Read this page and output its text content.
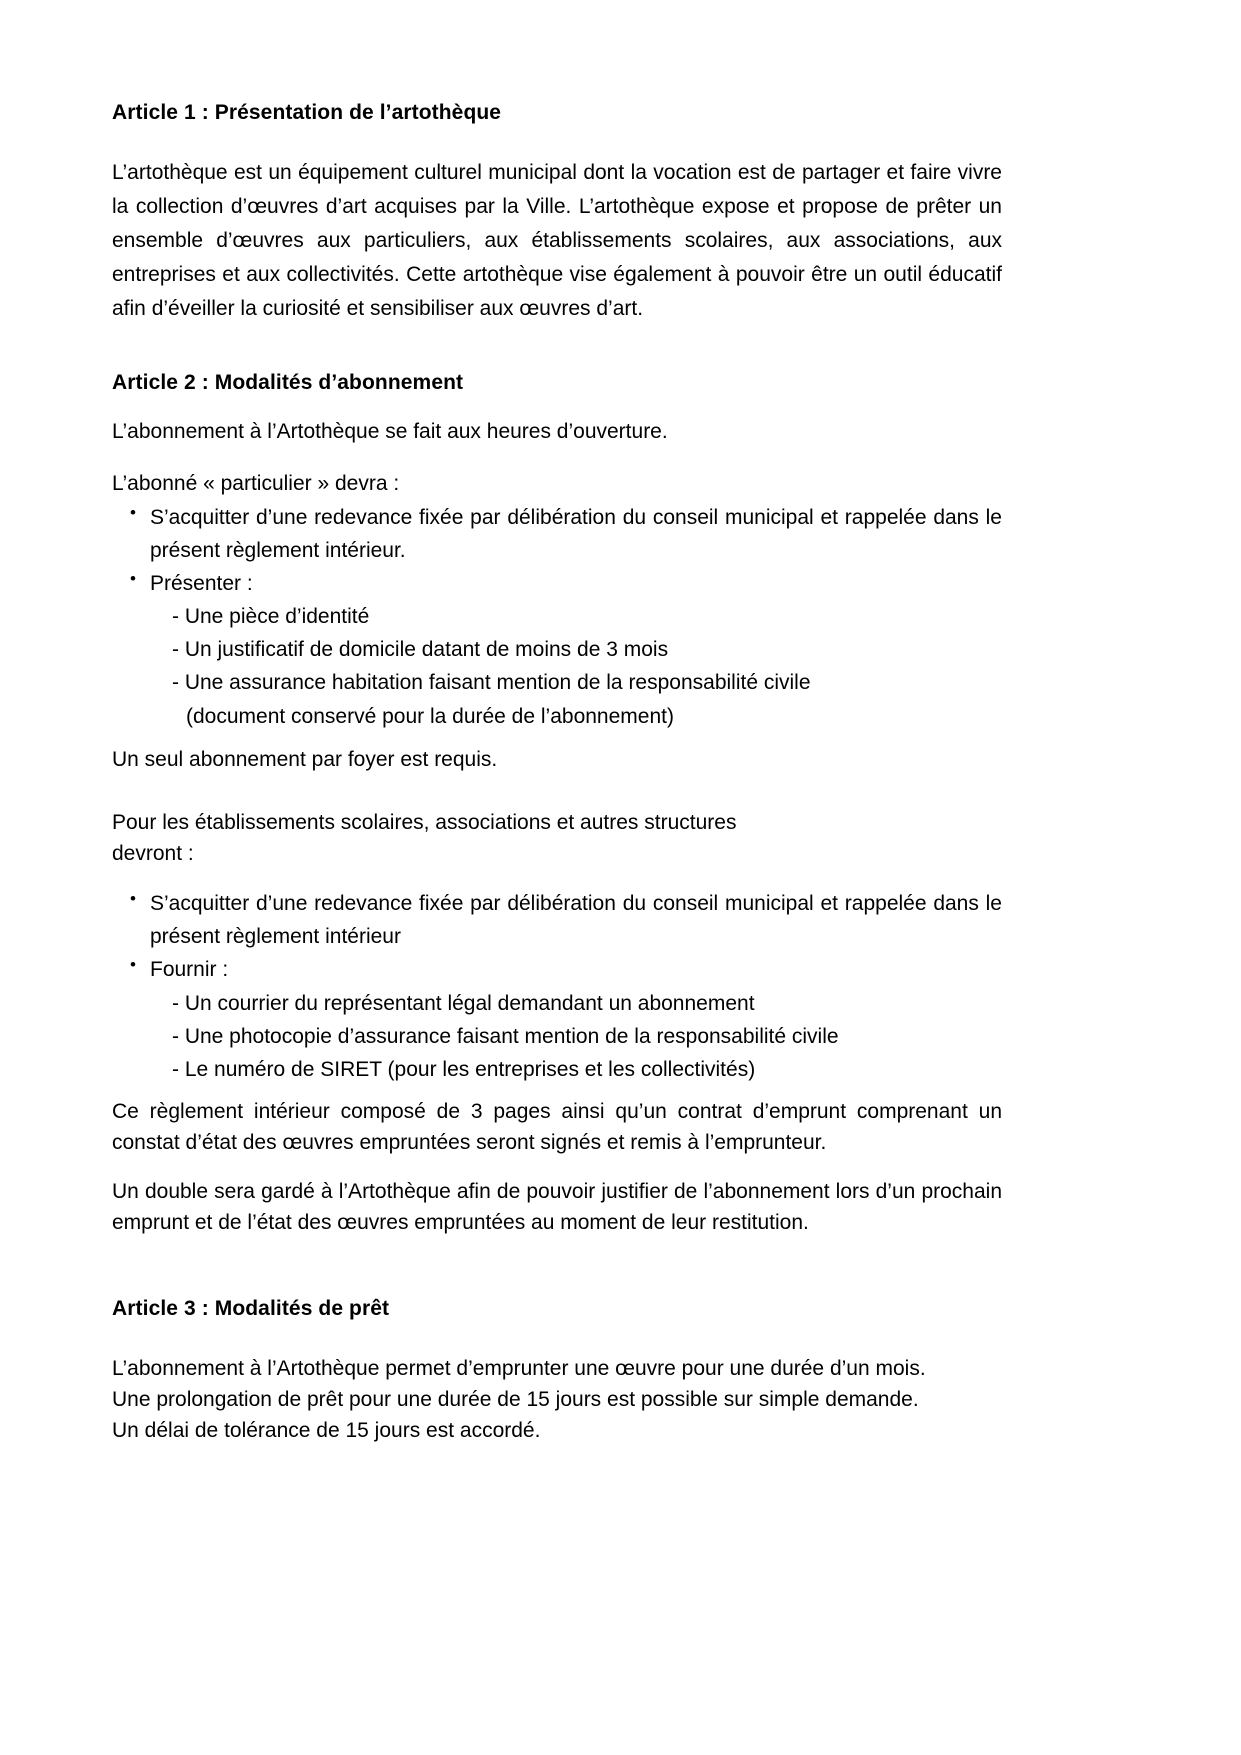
Article 1 : Présentation de l’artothèque

L’artothèque est un équipement culturel municipal dont la vocation est de partager et faire vivre la collection d’œuvres d’art acquises par la Ville. L’artothèque expose et propose de prêter un ensemble d’œuvres aux particuliers, aux établissements scolaires, aux associations, aux entreprises et aux collectivités. Cette artothèque vise également à pouvoir être un outil éducatif afin d’éveiller la curiosité et sensibiliser aux œuvres d’art.

Article 2 : Modalités d’abonnement

L’abonnement à l’Artothèque se fait aux heures d’ouverture.

L’abonné « particulier » devra :

• S’acquitter d’une redevance fixée par délibération du conseil municipal et rappelée dans le présent règlement intérieur.
• Présenter :
- Une pièce d’identité
- Un justificatif de domicile datant de moins de 3 mois
- Une assurance habitation faisant mention de la responsabilité civile
(document conservé pour la durée de l’abonnement)

Un seul abonnement par foyer est requis.

Pour les établissements scolaires, associations et autres structures

devront :

• S’acquitter d’une redevance fixée par délibération du conseil municipal et rappelée dans le présent règlement intérieur
• Fournir :
- Un courrier du représentant légal demandant un abonnement
- Une photocopie d’assurance faisant mention de la responsabilité civile
- Le numéro de SIRET (pour les entreprises et les collectivités)

Ce règlement intérieur composé de 3 pages ainsi qu’un contrat d’emprunt comprenant un constat d’état des œuvres empruntées seront signés et remis à l’emprunteur.

Un double sera gardé à l’Artothèque afin de pouvoir justifier de l’abonnement lors d’un prochain emprunt et de l’état des œuvres empruntées au moment de leur restitution.

Article 3 : Modalités de prêt

L’abonnement à l’Artothèque permet d’emprunter une œuvre pour une durée d’un mois.

Une prolongation de prêt pour une durée de 15 jours est possible sur simple demande.

Un délai de tolérance de 15 jours est accordé.
